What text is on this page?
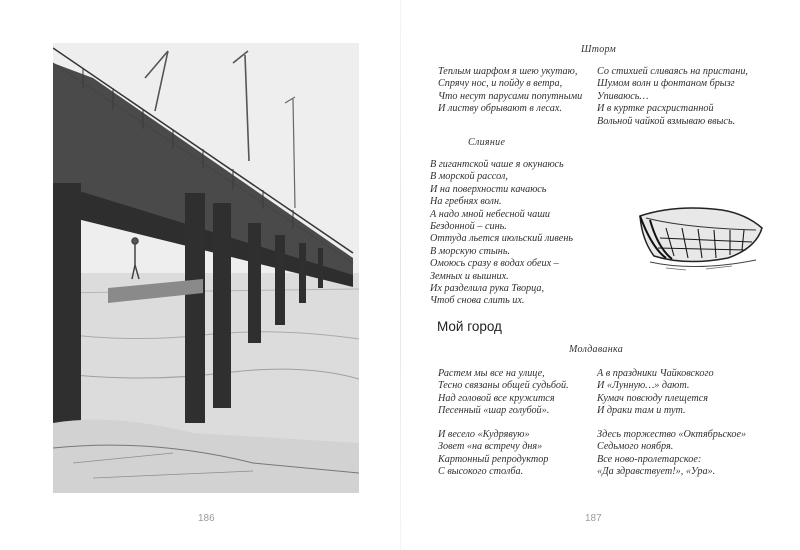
186
Шторм
Теплым шарфом я шею укутаю,
Спрячу нос, и пойду в ветра,
Что несут парусами попутными
И листву обрывают в лесах.
Со стихией сливаясь на пристани,
Шумом волн и фонтаном брызг
Упиваюсь…
И в куртке расхристанной
Вольной чайкой взмываю ввысь.
Слияние
В гигантской чаше я окунаюсь
В морской рассол,
И на поверхности качаюсь
На гребнях волн.
А надо мной небесной чаши
Бездонной – синь.
Оттуда льется июльский ливень
В морскую стынь.
Омоюсь сразу в водах обеих –
Земных и вышних.
Их разделила рука Творца,
Чтоб снова слить их.
Мой город
Молдаванка
Растем мы все на улице,
Тесно связаны общей судьбой.
Над головой все кружится
Песенный «шар голубой».
А в праздники Чайковского
И «Лунную…» дают.
Кумач повсюду плещется
И драки там и тут.
И весело «Кудрявую»
Зовет «на встречу дня»
Картонный репродуктор
С высокого столба.
Здесь торжество «Октябрьское»
Седьмого ноября.
Все ново-пролетарское:
«Да здравствует!», «Ура».
187
